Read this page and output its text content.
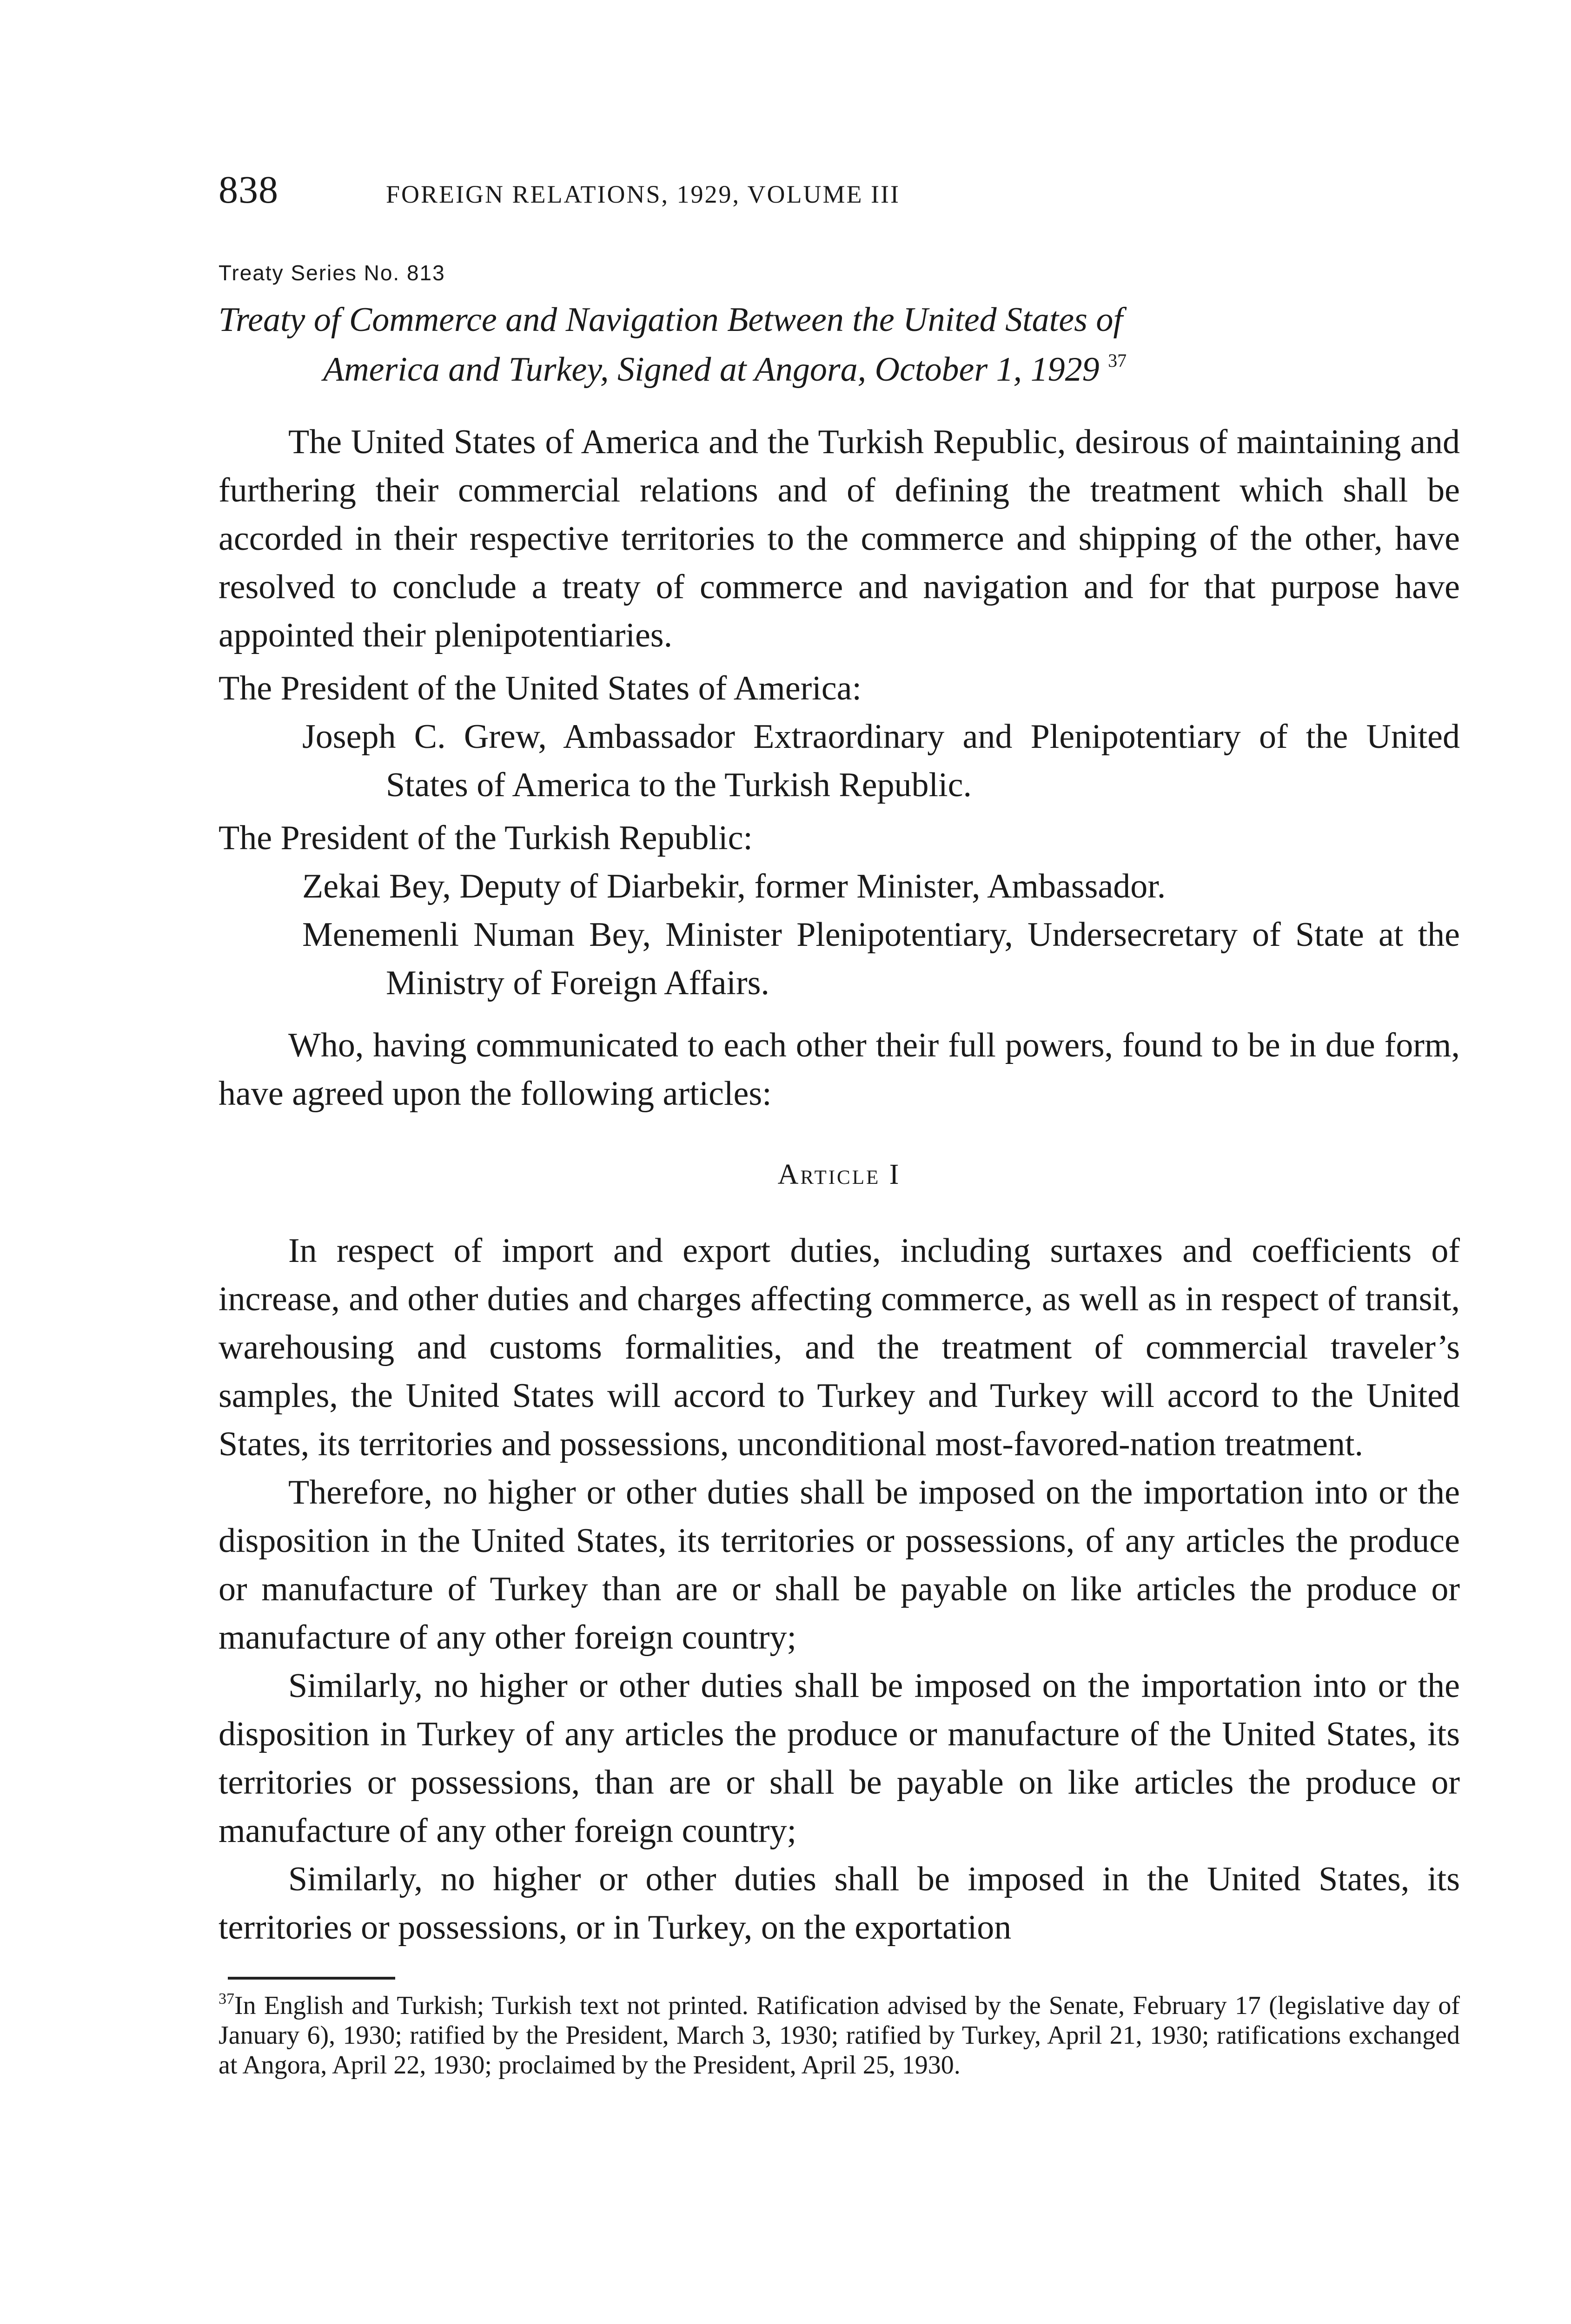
838	FOREIGN RELATIONS, 1929, VOLUME III
Treaty Series No. 813
Treaty of Commerce and Navigation Between the United States of
America and Turkey, Signed at Angora, October 1, 1929 $^{37}$

The United States of America and the Turkish Republic, desirous of maintaining and furthering their commercial relations and of defining the treatment which shall be accorded in their respective territories to the commerce and shipping of the other, have resolved to conclude a treaty of commerce and navigation and for that purpose have appointed their plenipotentiaries.

The President of the United States of America:

Joseph C. Grew, Ambassador Extraordinary and Plenipotentiary of the United States of America to the Turkish Republic.

The President of the Turkish Republic:

Zekai Bey, Deputy of Diarbekir, former Minister, Ambassador.

Menemenli Numan Bey, Minister Plenipotentiary, Undersecretary of State at the Ministry of Foreign Affairs.

Who, having communicated to each other their full powers, found to be in due form, have agreed upon the following articles:

Article I

In respect of import and export duties, including surtaxes and coefficients of increase, and other duties and charges affecting commerce, as well as in respect of transit, warehousing and customs formalities, and the treatment of commercial traveler’s samples, the United States will accord to Turkey and Turkey will accord to the United States, its territories and possessions, unconditional most-favored-nation treatment.

Therefore, no higher or other duties shall be imposed on the importation into or the disposition in the United States, its territories or possessions, of any articles the produce or manufacture of Turkey than are or shall be payable on like articles the produce or manufacture of any other foreign country;

Similarly, no higher or other duties shall be imposed on the importation into or the disposition in Turkey of any articles the produce or manufacture of the United States, its territories or possessions, than are or shall be payable on like articles the produce or manufacture of any other foreign country;

Similarly, no higher or other duties shall be imposed in the United States, its territories or possessions, or in Turkey, on the exportation

$^{37}$In English and Turkish; Turkish text not printed. Ratification advised by the Senate, February 17 (legislative day of January 6), 1930; ratified by the President, March 3, 1930; ratified by Turkey, April 21, 1930; ratifications exchanged at Angora, April 22, 1930; proclaimed by the President, April 25, 1930.
